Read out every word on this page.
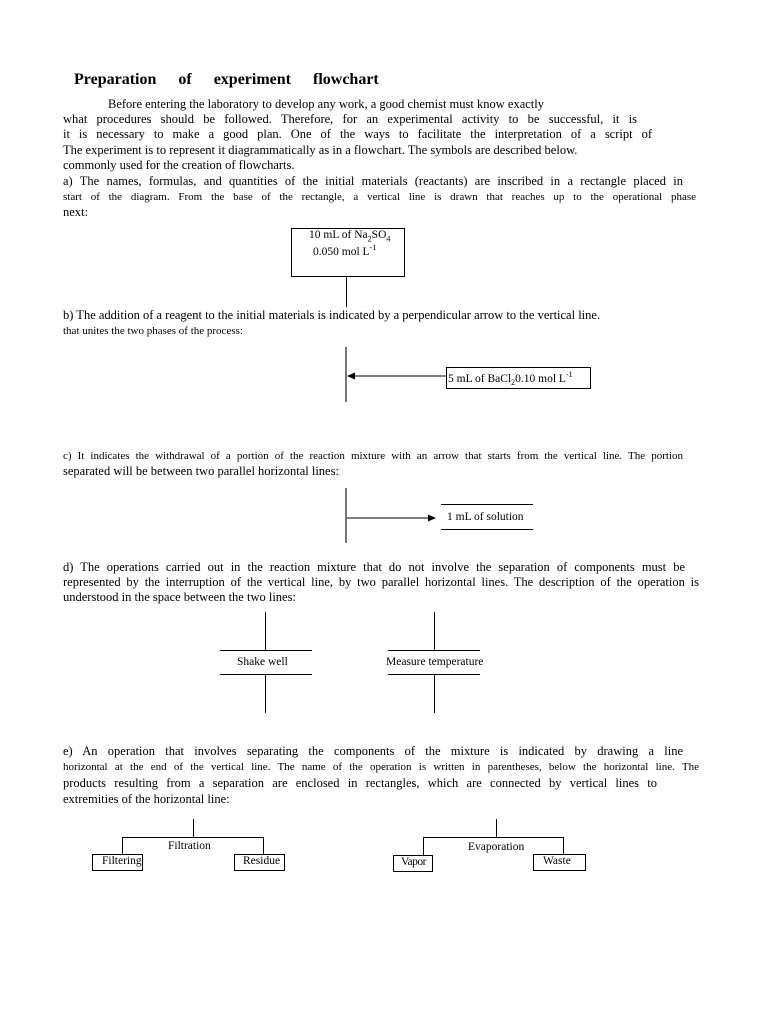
Preparation of experiment flowchart
Before entering the laboratory to develop any work, a good chemist must know exactly
what procedures should be followed. Therefore, for an experimental activity to be successful, it is
it is necessary to make a good plan. One of the ways to facilitate the interpretation of a script of
The experiment is to represent it diagrammatically as in a flowchart. The symbols are described below.
commonly used for the creation of flowcharts.
a) The names, formulas, and quantities of the initial materials (reactants) are inscribed in a rectangle placed in
start of the diagram. From the base of the rectangle, a vertical line is drawn that reaches up to the operational phase
next:
10 mL of $Na_2SO_4$
0.050 mol $L^{-1}$
b) The addition of a reagent to the initial materials is indicated by a perpendicular arrow to the vertical line.
that unites the two phases of the process:
5 mL of BaCl$_2$0.10 mol $L^{-1}$
c) It indicates the withdrawal of a portion of the reaction mixture with an arrow that starts from the vertical line. The portion
separated will be between two parallel horizontal lines:
1 mL of solution
d) The operations carried out in the reaction mixture that do not involve the separation of components must be
represented by the interruption of the vertical line, by two parallel horizontal lines. The description of the operation is
understood in the space between the two lines:
Shake well	Measure temperature
e) An operation that involves separating the components of the mixture is indicated by drawing a line
horizontal at the end of the vertical line. The name of the operation is written in parentheses, below the horizontal line. The
products resulting from a separation are enclosed in rectangles, which are connected by vertical lines to
extremities of the horizontal line:
Filtration
Filtering	Residue
Evaporation
Vapor	Waste
